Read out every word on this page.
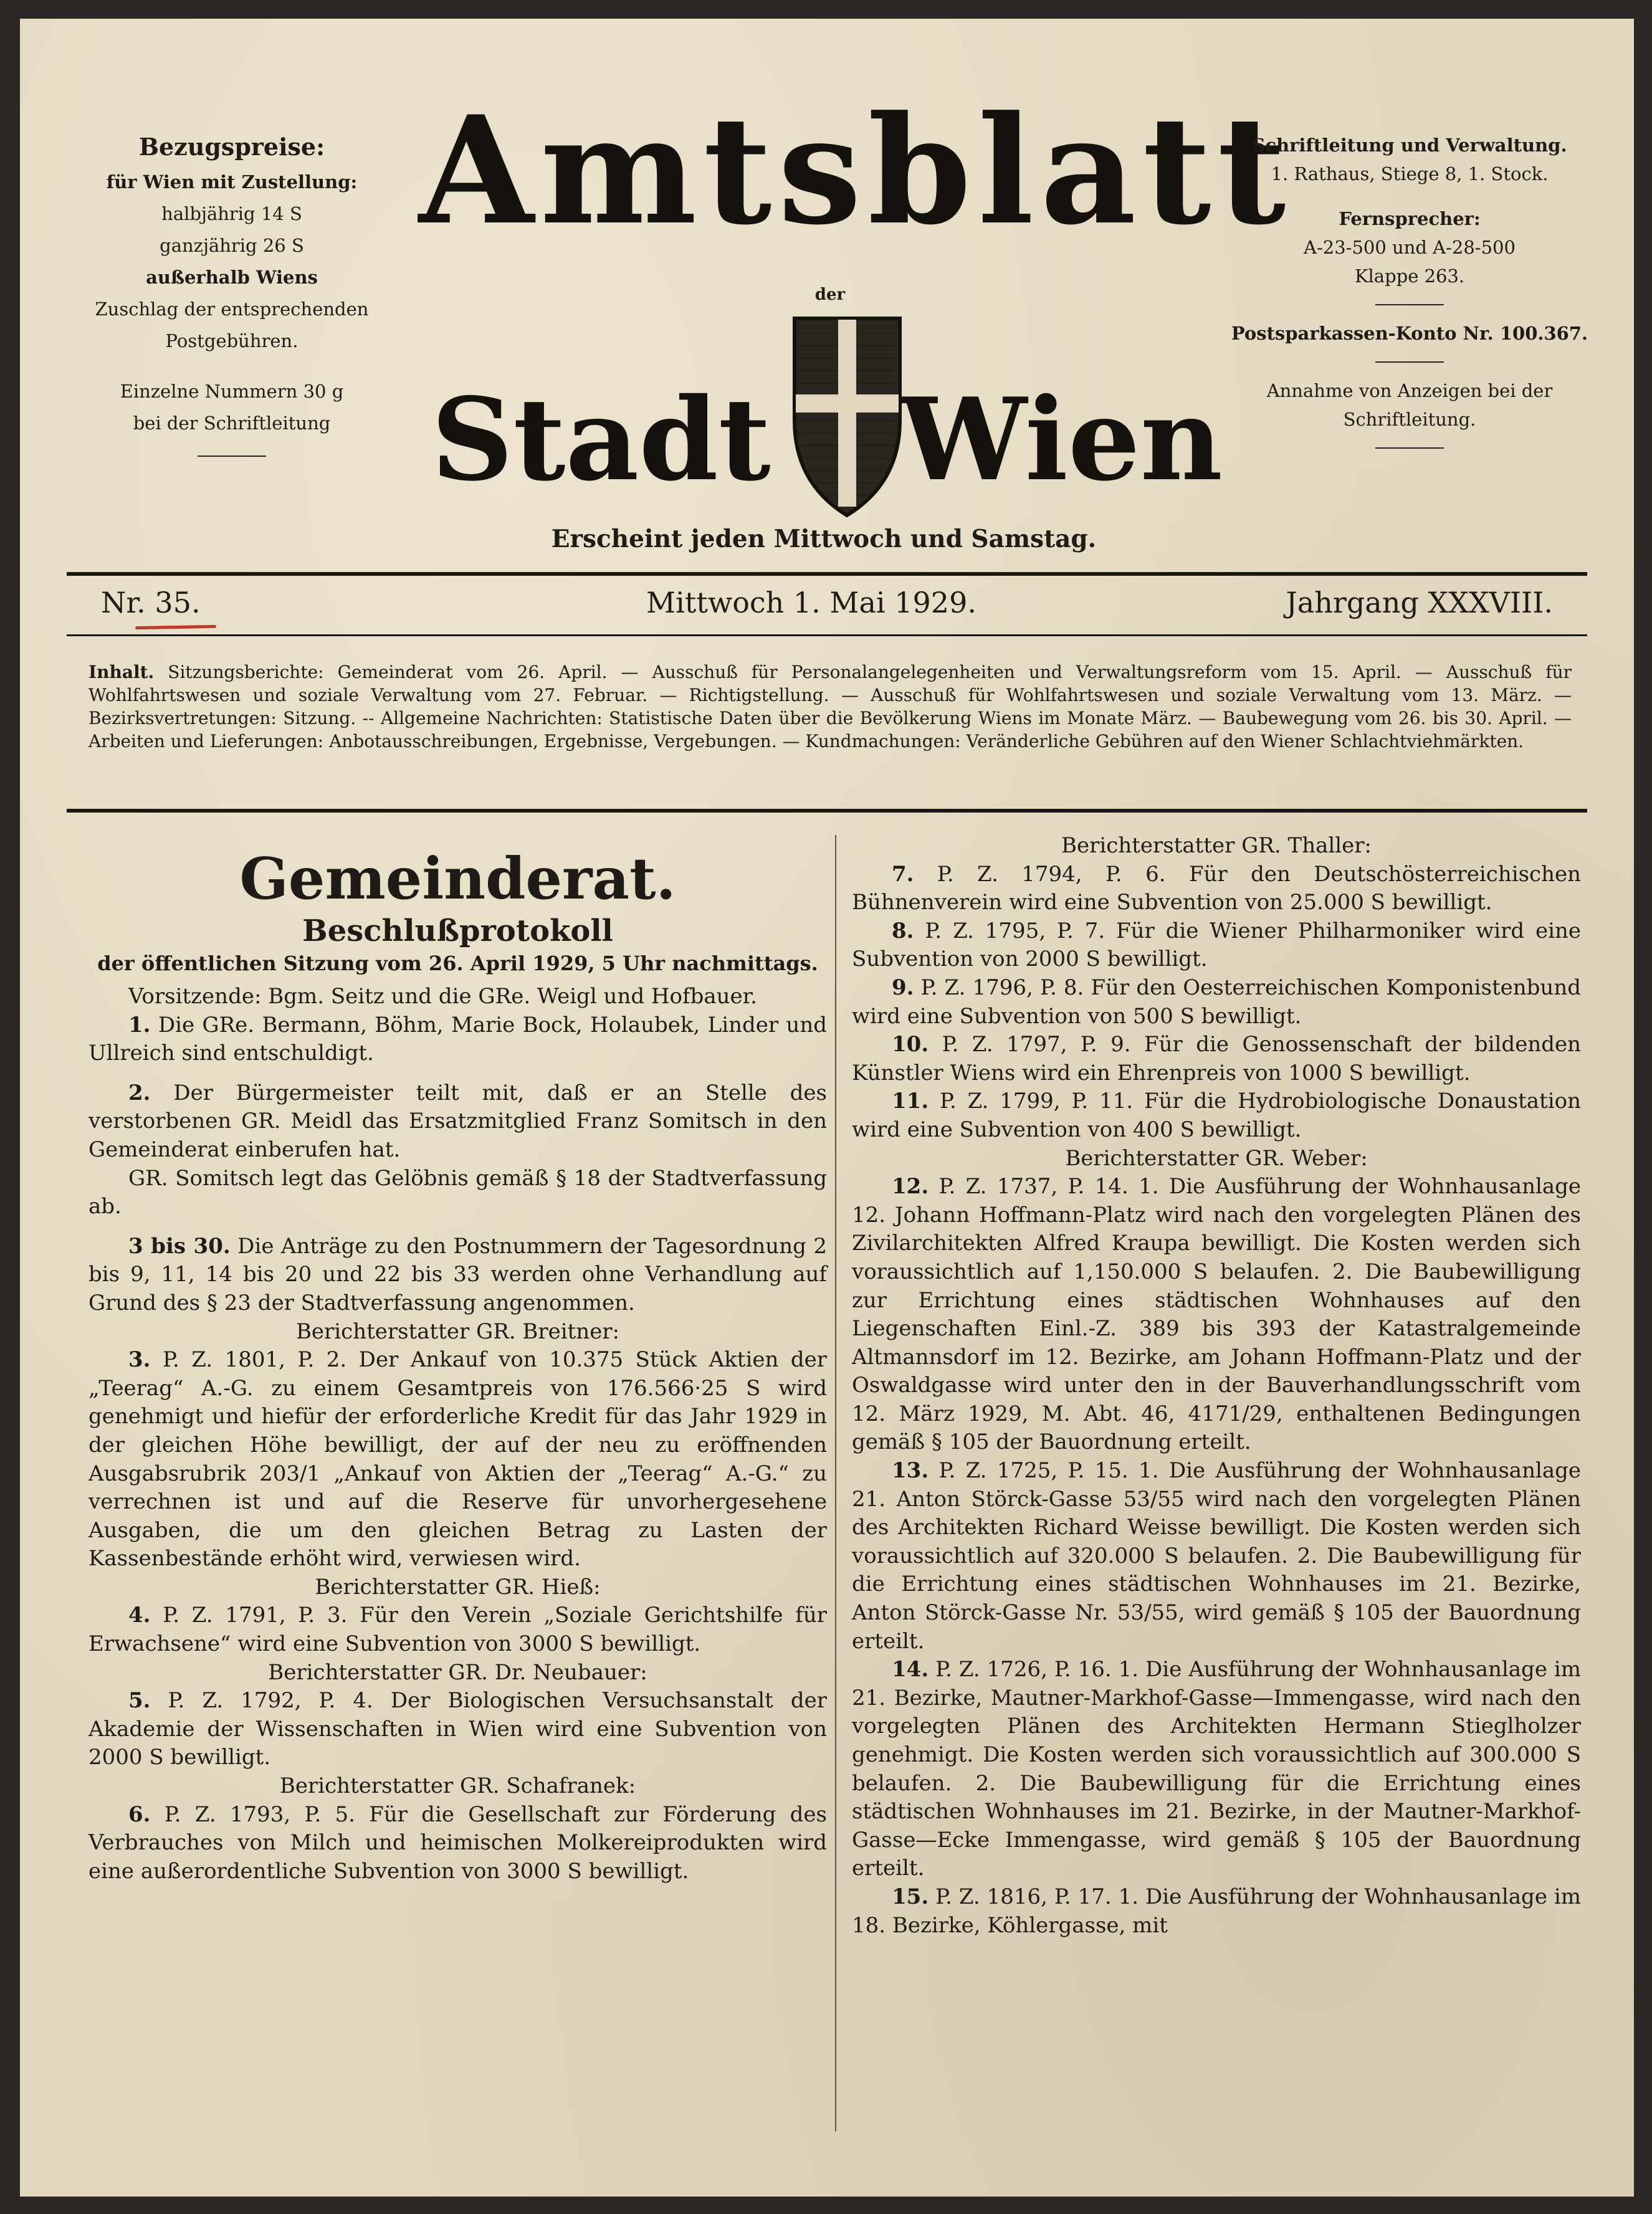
Bezugspreise:
für Wien mit Zustellung:
halbjährig 14 S
ganzjährig 26 S
außerhalb Wiens
Zuschlag der entsprechenden
Postgebühren.
Einzelne Nummern 30 g
bei der Schriftleitung
Amtsblatt
der
Stadt Wien
Erscheint jeden Mittwoch und Samstag.
Schriftleitung und Verwaltung.
1. Rathaus, Stiege 8, 1. Stock.
Fernsprecher:
A-23-500 und A-28-500
Klappe 263.
Postsparkassen-Konto Nr. 100.367.
Annahme von Anzeigen bei der
Schriftleitung.
Nr. 35.	Mittwoch 1. Mai 1929.	Jahrgang XXXVIII.
Inhalt. Sitzungsberichte: Gemeinderat vom 26. April. — Ausschuß für Personalangelegenheiten und Verwaltungsreform vom 15. April. — Ausschuß für Wohlfahrtswesen und soziale Verwaltung vom 27. Februar. — Richtigstellung. — Ausschuß für Wohlfahrtswesen und soziale Verwaltung vom 13. März. — Bezirksvertretungen: Sitzung. -- Allgemeine Nachrichten: Statistische Daten über die Bevölkerung Wiens im Monate März. — Baubewegung vom 26. bis 30. April. — Arbeiten und Lieferungen: Anbotausschreibungen, Ergebnisse, Vergebungen. — Kundmachungen: Veränderliche Gebühren auf den Wiener Schlachtviehmärkten.
Gemeinderat.
Beschlußprotokoll
der öffentlichen Sitzung vom 26. April 1929, 5 Uhr nachmittags.

Vorsitzende: Bgm. Seitz und die GRe. Weigl und Hofbauer.

1. Die GRe. Bermann, Böhm, Marie Bock, Holaubek, Linder und Ullreich sind entschuldigt.

2. Der Bürgermeister teilt mit, daß er an Stelle des verstorbenen GR. Meidl das Ersatzmitglied Franz Somitsch in den Gemeinderat einberufen hat.

GR. Somitsch legt das Gelöbnis gemäß § 18 der Stadtverfassung ab.

3 bis 30. Die Anträge zu den Postnummern der Tagesordnung 2 bis 9, 11, 14 bis 20 und 22 bis 33 werden ohne Verhandlung auf Grund des § 23 der Stadtverfassung angenommen.

Berichterstatter GR. Breitner:

3. P. Z. 1801, P. 2. Der Ankauf von 10.375 Stück Aktien der „Teerag“ A.-G. zu einem Gesamtpreis von 176.566·25 S wird genehmigt und hiefür der erforderliche Kredit für das Jahr 1929 in der gleichen Höhe bewilligt, der auf der neu zu eröffnenden Ausgabsrubrik 203/1 „Ankauf von Aktien der „Teerag“ A.-G.“ zu verrechnen ist und auf die Reserve für unvorhergesehene Ausgaben, die um den gleichen Betrag zu Lasten der Kassenbestände erhöht wird, verwiesen wird.

Berichterstatter GR. Hieß:

4. P. Z. 1791, P. 3. Für den Verein „Soziale Gerichtshilfe für Erwachsene“ wird eine Subvention von 3000 S bewilligt.

Berichterstatter GR. Dr. Neubauer:

5. P. Z. 1792, P. 4. Der Biologischen Versuchsanstalt der Akademie der Wissenschaften in Wien wird eine Subvention von 2000 S bewilligt.

Berichterstatter GR. Schafranek:

6. P. Z. 1793, P. 5. Für die Gesellschaft zur Förderung des Verbrauches von Milch und heimischen Molkereiprodukten wird eine außerordentliche Subvention von 3000 S bewilligt.

Berichterstatter GR. Thaller:

7. P. Z. 1794, P. 6. Für den Deutschösterreichischen Bühnenverein wird eine Subvention von 25.000 S bewilligt.

8. P. Z. 1795, P. 7. Für die Wiener Philharmoniker wird eine Subvention von 2000 S bewilligt.

9. P. Z. 1796, P. 8. Für den Oesterreichischen Komponistenbund wird eine Subvention von 500 S bewilligt.

10. P. Z. 1797, P. 9. Für die Genossenschaft der bildenden Künstler Wiens wird ein Ehrenpreis von 1000 S bewilligt.

11. P. Z. 1799, P. 11. Für die Hydrobiologische Donaustation wird eine Subvention von 400 S bewilligt.

Berichterstatter GR. Weber:

12. P. Z. 1737, P. 14. 1. Die Ausführung der Wohnhausanlage 12. Johann Hoffmann-Platz wird nach den vorgelegten Plänen des Zivilarchitekten Alfred Kraupa bewilligt. Die Kosten werden sich voraussichtlich auf 1,150.000 S belaufen. 2. Die Baubewilligung zur Errichtung eines städtischen Wohnhauses auf den Liegenschaften Einl.-Z. 389 bis 393 der Katastralgemeinde Altmannsdorf im 12. Bezirke, am Johann Hoffmann-Platz und der Oswaldgasse wird unter den in der Bauverhandlungsschrift vom 12. März 1929, M. Abt. 46, 4171/29, enthaltenen Bedingungen gemäß § 105 der Bauordnung erteilt.

13. P. Z. 1725, P. 15. 1. Die Ausführung der Wohnhausanlage 21. Anton Störck-Gasse 53/55 wird nach den vorgelegten Plänen des Architekten Richard Weisse bewilligt. Die Kosten werden sich voraussichtlich auf 320.000 S belaufen. 2. Die Baubewilligung für die Errichtung eines städtischen Wohnhauses im 21. Bezirke, Anton Störck-Gasse Nr. 53/55, wird gemäß § 105 der Bauordnung erteilt.

14. P. Z. 1726, P. 16. 1. Die Ausführung der Wohnhausanlage im 21. Bezirke, Mautner-Markhof-Gasse—Immengasse, wird nach den vorgelegten Plänen des Architekten Hermann Stieglholzer genehmigt. Die Kosten werden sich voraussichtlich auf 300.000 S belaufen. 2. Die Baubewilligung für die Errichtung eines städtischen Wohnhauses im 21. Bezirke, in der Mautner-Markhof-Gasse—Ecke Immengasse, wird gemäß § 105 der Bauordnung erteilt.

15. P. Z. 1816, P. 17. 1. Die Ausführung der Wohnhausanlage im 18. Bezirke, Köhlergasse, mit
